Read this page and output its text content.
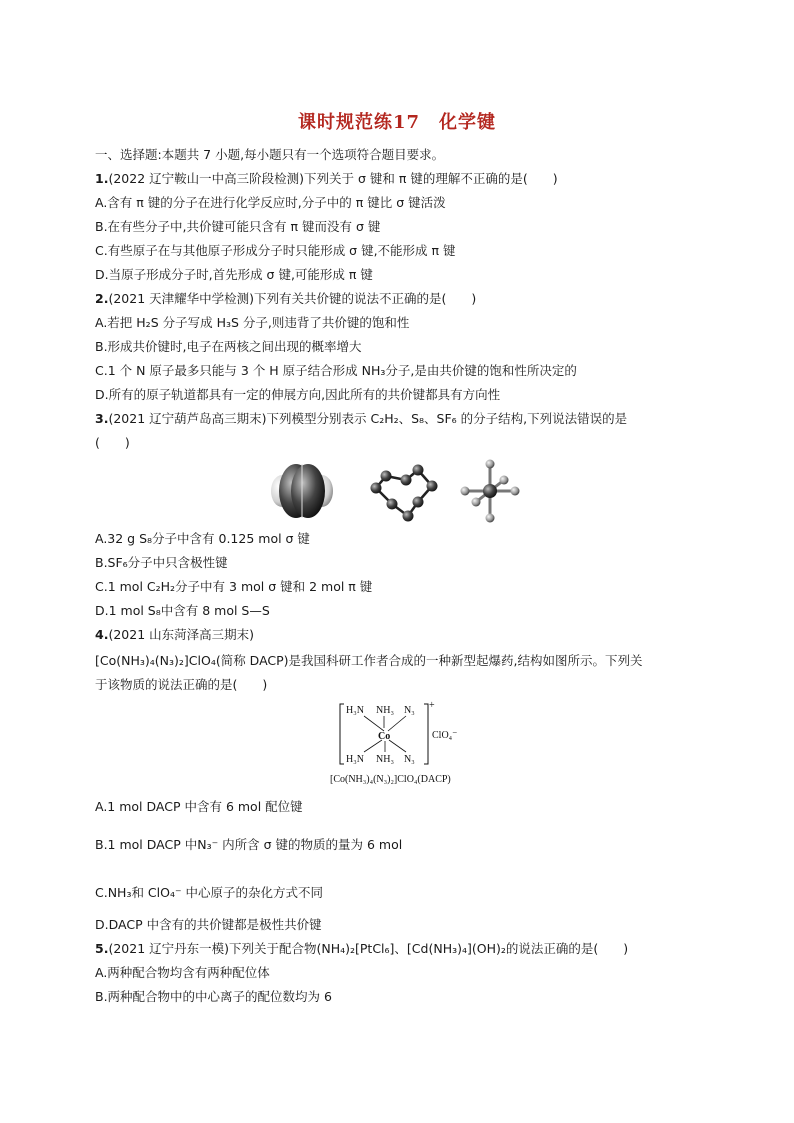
课时规范练17　化学键
一、选择题:本题共 7 小题,每小题只有一个选项符合题目要求。
1.(2022 辽宁鞍山一中高三阶段检测)下列关于 σ 键和 π 键的理解不正确的是(　　)
A.含有 π 键的分子在进行化学反应时,分子中的 π 键比 σ 键活泼
B.在有些分子中,共价键可能只含有 π 键而没有 σ 键
C.有些原子在与其他原子形成分子时只能形成 σ 键,不能形成 π 键
D.当原子形成分子时,首先形成 σ 键,可能形成 π 键
2.(2021 天津耀华中学检测)下列有关共价键的说法不正确的是(　　)
A.若把 H₂S 分子写成 H₃S 分子,则违背了共价键的饱和性
B.形成共价键时,电子在两核之间出现的概率增大
C.1 个 N 原子最多只能与 3 个 H 原子结合形成 NH₃分子,是由共价键的饱和性所决定的
D.所有的原子轨道都具有一定的伸展方向,因此所有的共价键都具有方向性
3.(2021 辽宁葫芦岛高三期末)下列模型分别表示 C₂H₂、S₈、SF₆ 的分子结构,下列说法错误的是
(　　)
A.32 g S₈分子中含有 0.125 mol σ 键
B.SF₆分子中只含极性键
C.1 mol C₂H₂分子中有 3 mol σ 键和 2 mol π 键
D.1 mol S₈中含有 8 mol S—S
4.(2021 山东菏泽高三期末)
[Co(NH₃)₄(N₃)₂]ClO₄(简称 DACP)是我国科研工作者合成的一种新型起爆药,结构如图所示。下列关
于该物质的说法正确的是(　　)
H₃N NH₃ N₃
Co
H₃N NH₃ N₃
+
ClO₄⁻
[Co(NH₃)₄(N₃)₂]ClO₄(DACP)
A.1 mol DACP 中含有 6 mol 配位键
B.1 mol DACP 中N₃⁻ 内所含 σ 键的物质的量为 6 mol
C.NH₃和 ClO₄⁻ 中心原子的杂化方式不同
D.DACP 中含有的共价键都是极性共价键
5.(2021 辽宁丹东一模)下列关于配合物(NH₄)₂[PtCl₆]、[Cd(NH₃)₄](OH)₂的说法正确的是(　　)
A.两种配合物均含有两种配位体
B.两种配合物中的中心离子的配位数均为 6
